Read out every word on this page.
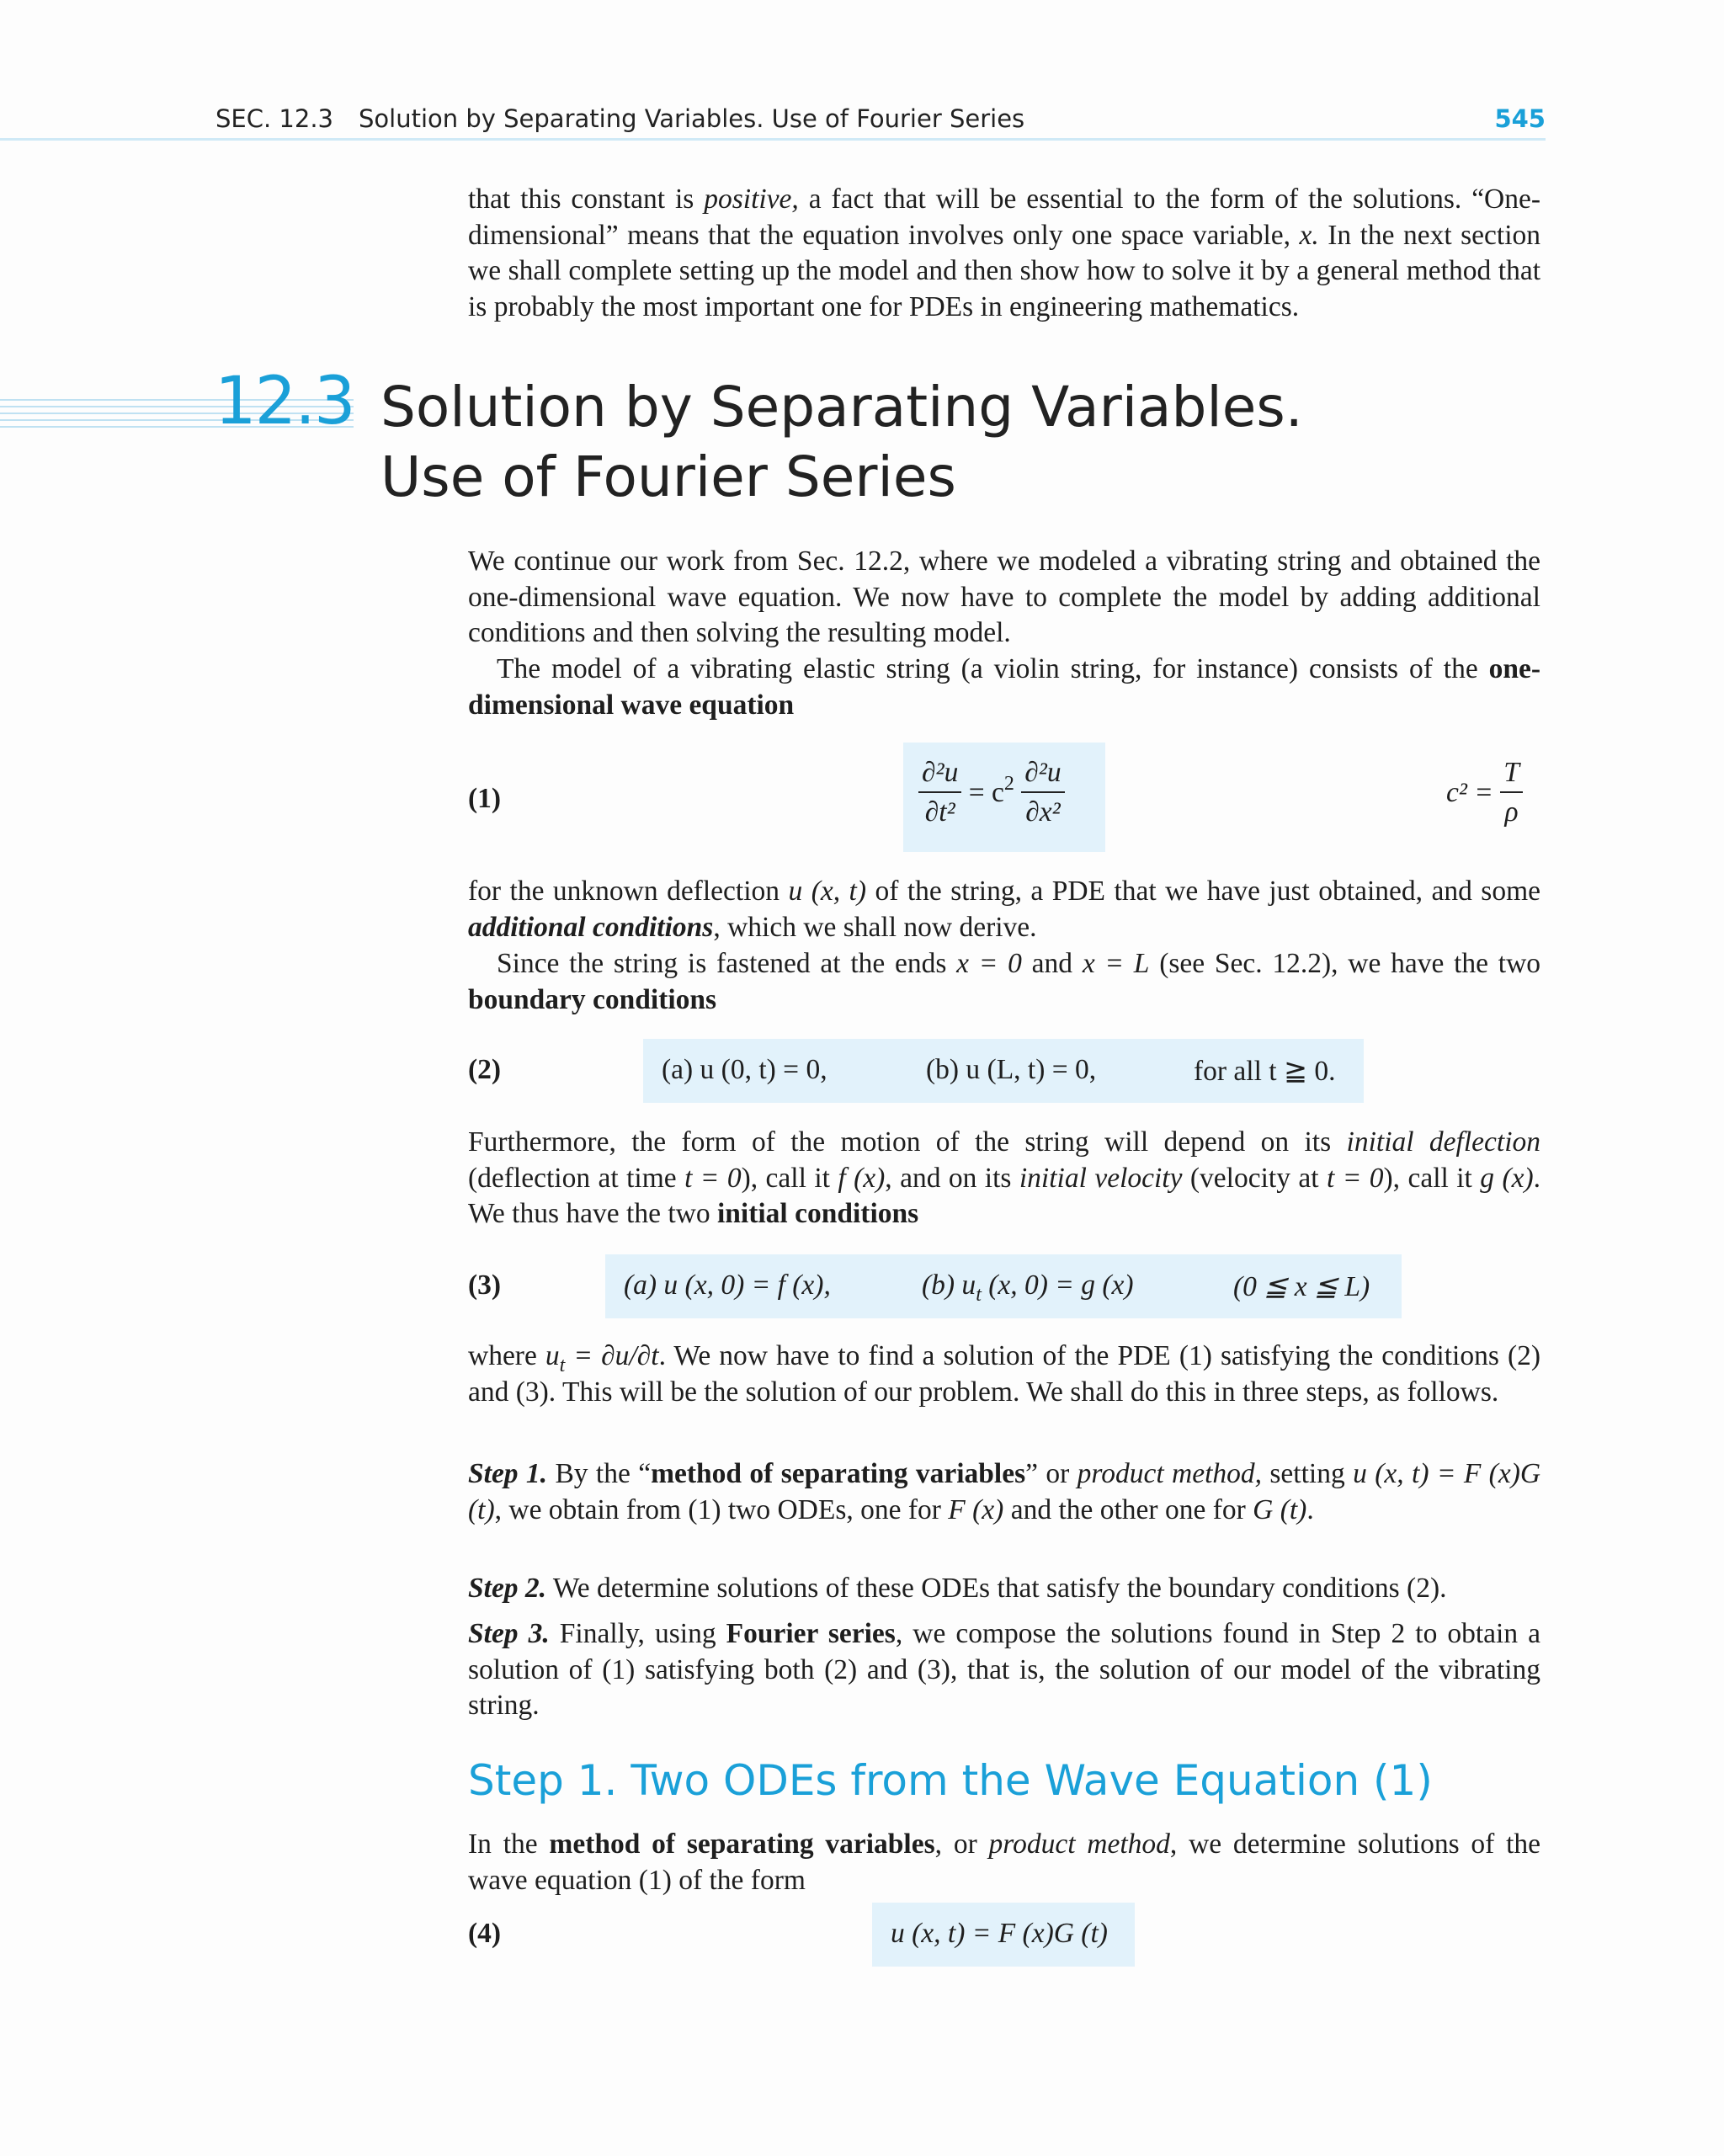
SEC. 12.3 Solution by Separating Variables. Use of Fourier Series	545

that this constant is positive, a fact that will be essential to the form of the solutions. “One-dimensional” means that the equation involves only one space variable, x. In the next section we shall complete setting up the model and then show how to solve it by a general method that is probably the most important one for PDEs in engineering mathematics.

12.3 Solution by Separating Variables.
Use of Fourier Series

We continue our work from Sec. 12.2, where we modeled a vibrating string and obtained the one-dimensional wave equation. We now have to complete the model by adding additional conditions and then solving the resulting model.

The model of a vibrating elastic string (a violin string, for instance) consists of the one-dimensional wave equation

(1)	$\frac{\text{∂²u}}{\text{∂t²}} = c^2 \frac{\text{∂²u}}{\text{∂x²}}$	$c^2 = \frac{T}{\rho}$

for the unknown deflection u (x, t) of the string, a PDE that we have just obtained, and some additional conditions, which we shall now derive.

Since the string is fastened at the ends x = 0 and x = L (see Sec. 12.2), we have the two boundary conditions

(2)	(a) u (0, t) = 0,	(b) u (L, t) = 0,	for all t ≧ 0.

Furthermore, the form of the motion of the string will depend on its initial deflection (deflection at time t = 0), call it f (x), and on its initial velocity (velocity at t = 0), call it g (x). We thus have the two initial conditions

(3)	(a) u (x, 0) = f (x),	(b) $u_t$ (x, 0) = g (x)	(0 ≦ x ≦ L)

where $u_t = \partial u/\partial t$. We now have to find a solution of the PDE (1) satisfying the conditions (2) and (3). This will be the solution of our problem. We shall do this in three steps, as follows.

Step 1. By the “method of separating variables” or product method, setting u (x, t) = F (x)G (t), we obtain from (1) two ODEs, one for F (x) and the other one for G (t).

Step 2. We determine solutions of these ODEs that satisfy the boundary conditions (2).

Step 3. Finally, using Fourier series, we compose the solutions found in Step 2 to obtain a solution of (1) satisfying both (2) and (3), that is, the solution of our model of the vibrating string.

Step 1. Two ODEs from the Wave Equation (1)

In the method of separating variables, or product method, we determine solutions of the wave equation (1) of the form

(4)	u (x, t) = F (x)G (t)
